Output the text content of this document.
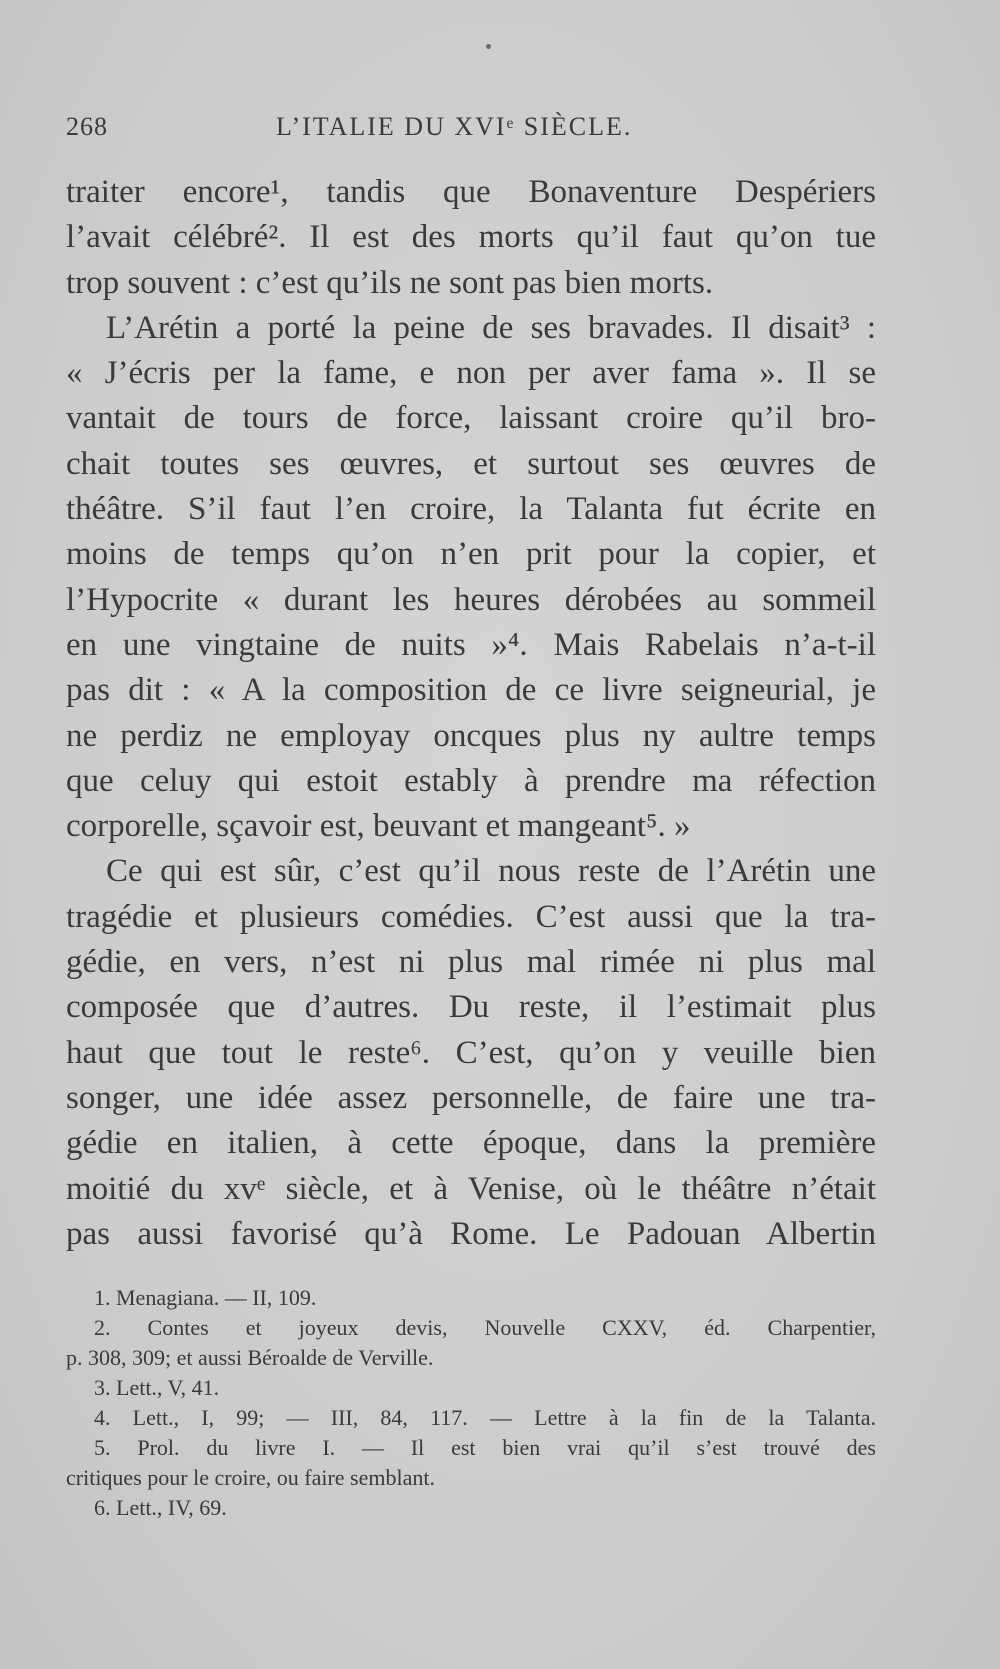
268	L’ITALIE DU XVIᵉ SIÈCLE.
traiter encore¹, tandis que Bonaventure Despériers
l’avait célébré². Il est des morts qu’il faut qu’on tue
trop souvent : c’est qu’ils ne sont pas bien morts.
L’Arétin a porté la peine de ses bravades. Il disait³ :
« J’écris per la fame, e non per aver fama ». Il se
vantait de tours de force, laissant croire qu’il bro-
chait toutes ses œuvres, et surtout ses œuvres de
théâtre. S’il faut l’en croire, la Talanta fut écrite en
moins de temps qu’on n’en prit pour la copier, et
l’Hypocrite « durant les heures dérobées au sommeil
en une vingtaine de nuits »⁴. Mais Rabelais n’a-t-il
pas dit : « A la composition de ce livre seigneurial, je
ne perdiz ne employay oncques plus ny aultre temps
que celuy qui estoit estably à prendre ma réfection
corporelle, sçavoir est, beuvant et mangeant⁵. »
Ce qui est sûr, c’est qu’il nous reste de l’Arétin une
tragédie et plusieurs comédies. C’est aussi que la tra-
gédie, en vers, n’est ni plus mal rimée ni plus mal
composée que d’autres. Du reste, il l’estimait plus
haut que tout le reste⁶. C’est, qu’on y veuille bien
songer, une idée assez personnelle, de faire une tra-
gédie en italien, à cette époque, dans la première
moitié du xvᵉ siècle, et à Venise, où le théâtre n’était
pas aussi favorisé qu’à Rome. Le Padouan Albertin
1. Menagiana. — II, 109.
2. Contes et joyeux devis, Nouvelle CXXV, éd. Charpentier,
p. 308, 309; et aussi Béroalde de Verville.
3. Lett., V, 41.
4. Lett., I, 99; — III, 84, 117. — Lettre à la fin de la Talanta.
5. Prol. du livre I. — Il est bien vrai qu’il s’est trouvé des
critiques pour le croire, ou faire semblant.
6. Lett., IV, 69.
